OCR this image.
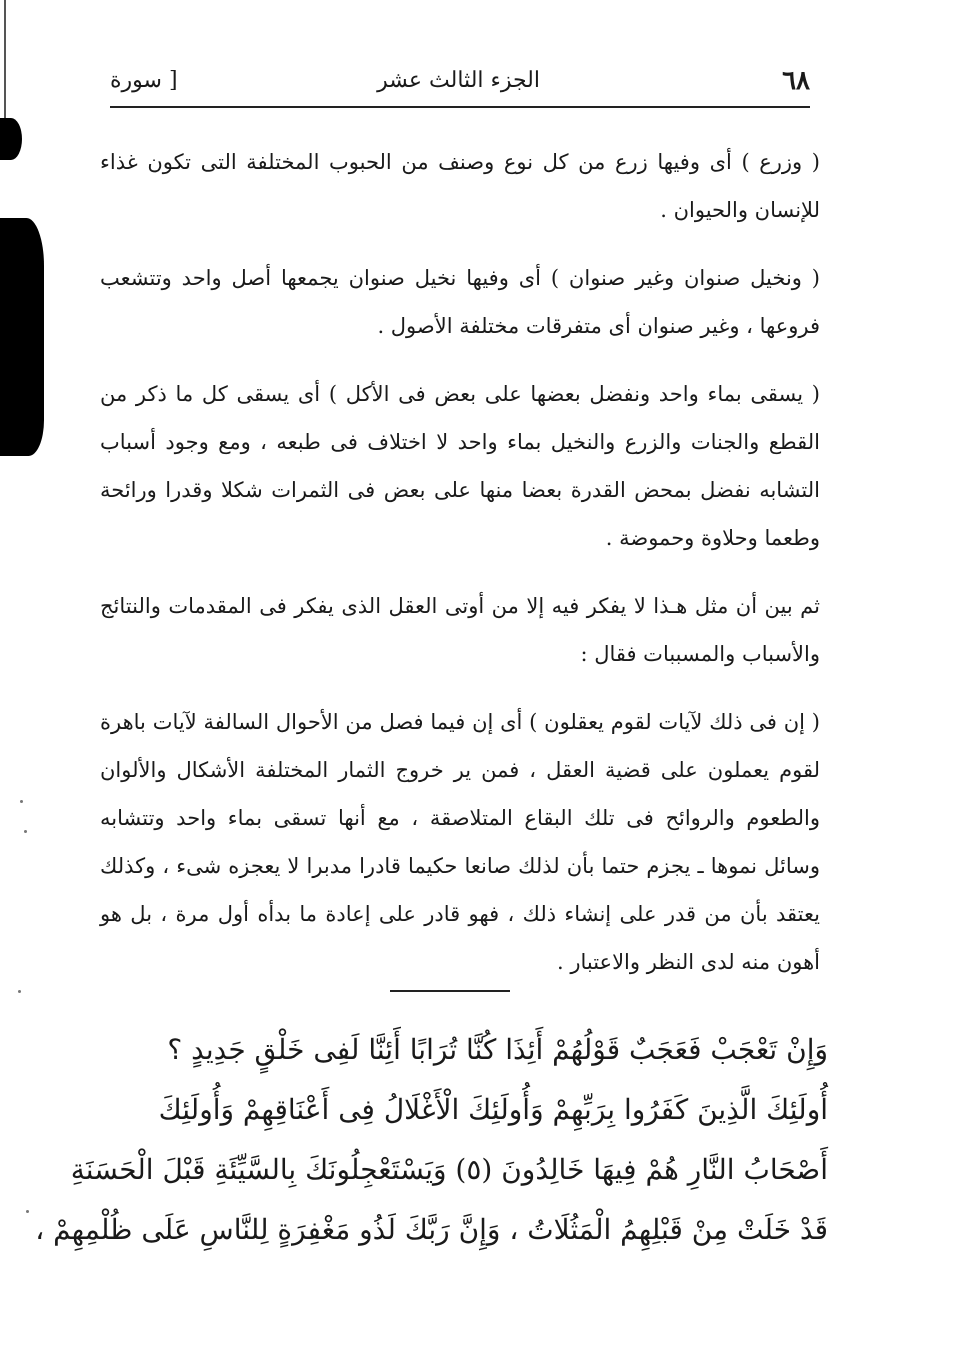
٦٨
الجزء الثالث عشر
[ سورة

( وزرع ) أى وفيها زرع من كل نوع وصنف من الحبوب المختلفة التى تكون غذاء للإنسان والحيوان .

( ونخيل صنوان وغير صنوان ) أى وفيها نخيل صنوان يجمعها أصل واحد وتتشعب فروعها ، وغير صنوان أى متفرقات مختلفة الأصول .

( يسقى بماء واحد ونفضل بعضها على بعض فى الأكل ) أى يسقى كل ما ذكر من القطع والجنات والزرع والنخيل بماء واحد لا اختلاف فى طبعه ، ومع وجود أسباب التشابه نفضل بمحض القدرة بعضا منها على بعض فى الثمرات شكلا وقدرا ورائحة وطعما وحلاوة وحموضة .

ثم بين أن مثل هـذا لا يفكر فيه إلا من أوتى العقل الذى يفكر فى المقدمات والنتائج والأسباب والمسببات فقال :

( إن فى ذلك لآيات لقوم يعقلون ) أى إن فيما فصل من الأحوال السالفة لآيات باهرة لقوم يعملون على قضية العقل ، فمن ير خروج الثمار المختلفة الأشكال والألوان والطعوم والروائح فى تلك البقاع المتلاصقة ، مع أنها تسقى بماء واحد وتتشابه وسائل نموها ـ يجزم حتما بأن لذلك صانعا حكيما قادرا مدبرا لا يعجزه شىء ، وكذلك يعتقد بأن من قدر على إنشاء ذلك ، فهو قادر على إعادة ما بدأه أول مرة ، بل هو أهون منه لدى النظر والاعتبار .

وَإِنْ تَعْجَبْ فَعَجَبٌ قَوْلُهُمْ أَئِذَا كُنَّا تُرَابًا أَئِنَّا لَفِى خَلْقٍ جَدِيدٍ ؟

أُولَئِكَ الَّذِينَ كَفَرُوا بِرَبِّهِمْ وَأُولَئِكَ الْأَغْلَالُ فِى أَعْنَاقِهِمْ وَأُولَئِكَ

أَصْحَابُ النَّارِ هُمْ فِيهَا خَالِدُونَ (٥) وَيَسْتَعْجِلُونَكَ بِالسَّيِّئَةِ قَبْلَ الْحَسَنَةِ

قَدْ خَلَتْ مِنْ قَبْلِهِمُ الْمَثُلَاتُ ، وَإِنَّ رَبَّكَ لَذُو مَغْفِرَةٍ لِلنَّاسِ عَلَى ظُلْمِهِمْ ،
